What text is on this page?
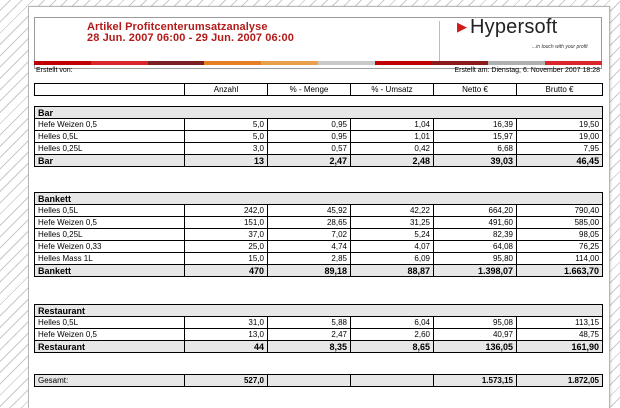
Artikel Profitcenterumsatzanalyse
28 Jun. 2007 06:00 - 29 Jun. 2007 06:00
▶ Hypersoft
...in touch with your profit
Erstellt von:	Erstellt am: Dienstag, 6. November 2007 18:28
	Anzahl	% - Menge	% - Umsatz	Netto €	Brutto €
Bar					
Hefe Weizen 0,5	5,0	0,95	1,04	16,39	19,50
Helles 0,5L	5,0	0,95	1,01	15,97	19,00
Helles 0,25L	3,0	0,57	0,42	6,68	7,95
Bar	13	2,47	2,48	39,03	46,45
Bankett					
Helles 0,5L	242,0	45,92	42,22	664,20	790,40
Hefe Weizen 0,5	151,0	28,65	31,25	491,60	585,00
Helles 0,25L	37,0	7,02	5,24	82,39	98,05
Hefe Weizen 0,33	25,0	4,74	4,07	64,08	76,25
Helles Mass 1L	15,0	2,85	6,09	95,80	114,00
Bankett	470	89,18	88,87	1.398,07	1.663,70
Restaurant					
Helles 0,5L	31,0	5,88	6,04	95,08	113,15
Hefe Weizen 0,5	13,0	2,47	2,60	40,97	48,75
Restaurant	44	8,35	8,65	136,05	161,90
Gesamt:	527,0			1.573,15	1.872,05
